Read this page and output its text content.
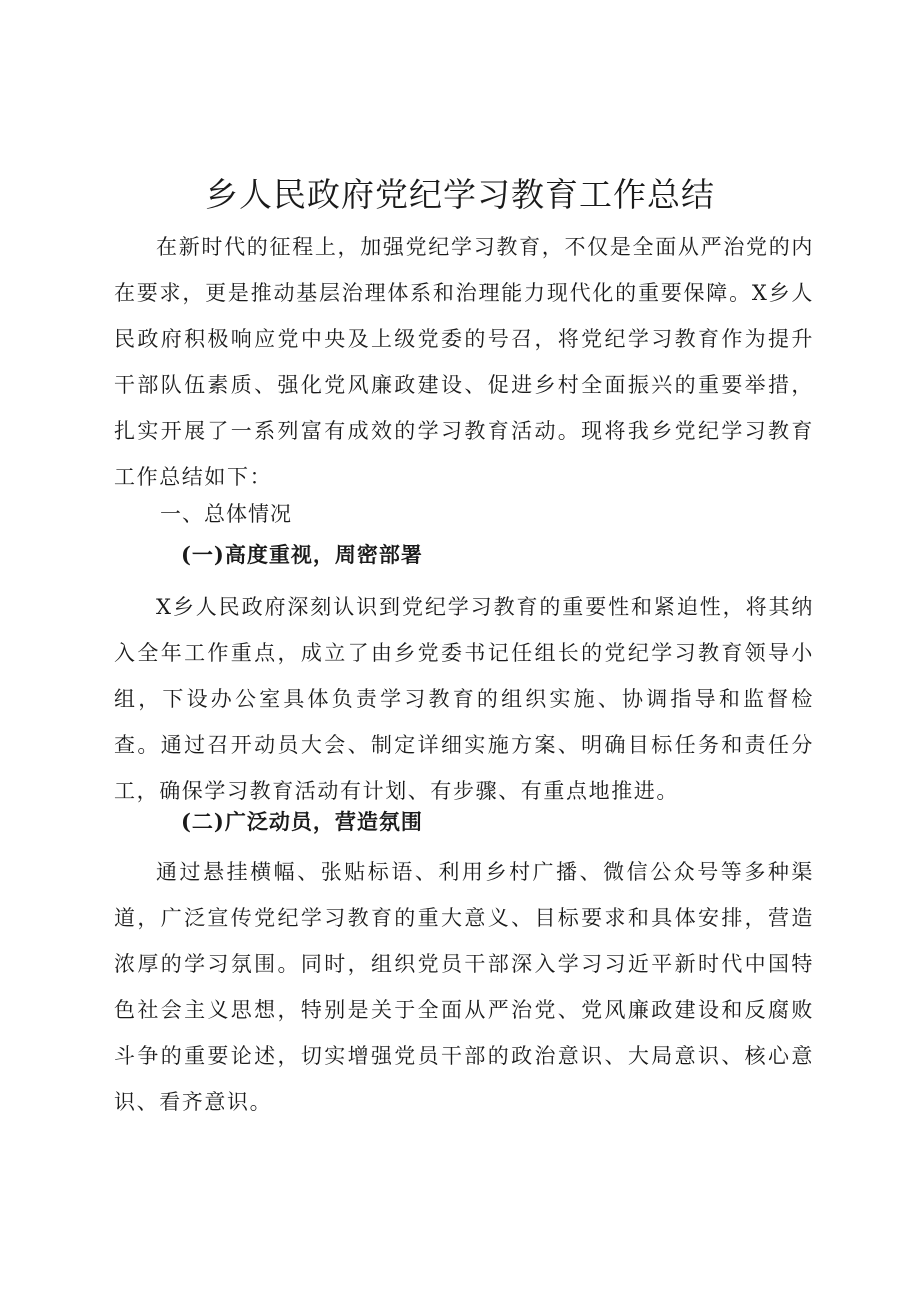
乡人民政府党纪学习教育工作总结

在新时代的征程上，加强党纪学习教育，不仅是全面从严治党的内在要求，更是推动基层治理体系和治理能力现代化的重要保障。X乡人民政府积极响应党中央及上级党委的号召，将党纪学习教育作为提升干部队伍素质、强化党风廉政建设、促进乡村全面振兴的重要举措，扎实开展了一系列富有成效的学习教育活动。现将我乡党纪学习教育工作总结如下：

一、总体情况
(一)高度重视，周密部署

X乡人民政府深刻认识到党纪学习教育的重要性和紧迫性，将其纳入全年工作重点，成立了由乡党委书记任组长的党纪学习教育领导小组，下设办公室具体负责学习教育的组织实施、协调指导和监督检查。通过召开动员大会、制定详细实施方案、明确目标任务和责任分工，确保学习教育活动有计划、有步骤、有重点地推进。

(二)广泛动员，营造氛围

通过悬挂横幅、张贴标语、利用乡村广播、微信公众号等多种渠道，广泛宣传党纪学习教育的重大意义、目标要求和具体安排，营造浓厚的学习氛围。同时，组织党员干部深入学习习近平新时代中国特色社会主义思想，特别是关于全面从严治党、党风廉政建设和反腐败斗争的重要论述，切实增强党员干部的政治意识、大局意识、核心意识、看齐意识。
